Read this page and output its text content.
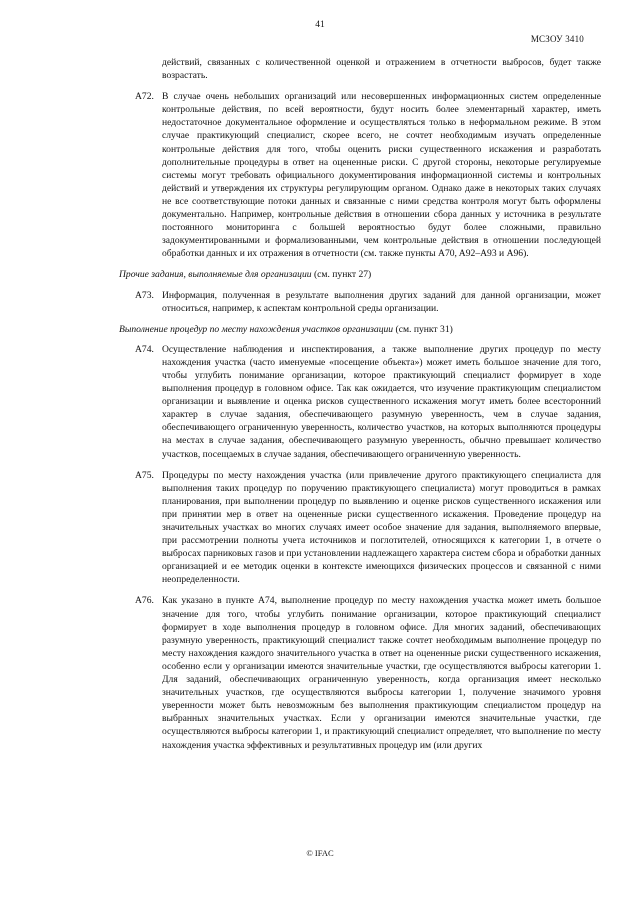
41
МСЗОУ 3410

действий, связанных с количественной оценкой и отражением в отчетности выбросов, будет также возрастать.

A72. В случае очень небольших организаций или несовершенных информационных систем определенные контрольные действия, по всей вероятности, будут носить более элементарный характер, иметь недостаточное документальное оформление и осуществляться только в неформальном режиме. В этом случае практикующий специалист, скорее всего, не сочтет необходимым изучать определенные контрольные действия для того, чтобы оценить риски существенного искажения и разработать дополнительные процедуры в ответ на оцененные риски. С другой стороны, некоторые регулируемые системы могут требовать официального документирования информационной системы и контрольных действий и утверждения их структуры регулирующим органом. Однако даже в некоторых таких случаях не все соответствующие потоки данных и связанные с ними средства контроля могут быть оформлены документально. Например, контрольные действия в отношении сбора данных у источника в результате постоянного мониторинга с большей вероятностью будут более сложными, правильно задокументированными и формализованными, чем контрольные действия в отношении последующей обработки данных и их отражения в отчетности (см. также пункты A70, A92–A93 и A96).

Прочие задания, выполняемые для организации (см. пункт 27)
A73. Информация, полученная в результате выполнения других заданий для данной организации, может относиться, например, к аспектам контрольной среды организации.

Выполнение процедур по месту нахождения участков организации (см. пункт 31)
A74. Осуществление наблюдения и инспектирования, а также выполнение других процедур по месту нахождения участка (часто именуемые «посещение объекта») может иметь большое значение для того, чтобы углубить понимание организации, которое практикующий специалист формирует в ходе выполнения процедур в головном офисе. Так как ожидается, что изучение практикующим специалистом организации и выявление и оценка рисков существенного искажения могут иметь более всесторонний характер в случае задания, обеспечивающего разумную уверенность, чем в случае задания, обеспечивающего ограниченную уверенность, количество участков, на которых выполняются процедуры на местах в случае задания, обеспечивающего разумную уверенность, обычно превышает количество участков, посещаемых в случае задания, обеспечивающего ограниченную уверенность.

A75. Процедуры по месту нахождения участка (или привлечение другого практикующего специалиста для выполнения таких процедур по поручению практикующего специалиста) могут проводиться в рамках планирования, при выполнении процедур по выявлению и оценке рисков существенного искажения или при принятии мер в ответ на оцененные риски существенного искажения. Проведение процедур на значительных участках во многих случаях имеет особое значение для задания, выполняемого впервые, при рассмотрении полноты учета источников и поглотителей, относящихся к категории 1, в отчете о выбросах парниковых газов и при установлении надлежащего характера систем сбора и обработки данных организацией и ее методик оценки в контексте имеющихся физических процессов и связанной с ними неопределенности.

A76. Как указано в пункте A74, выполнение процедур по месту нахождения участка может иметь большое значение для того, чтобы углубить понимание организации, которое практикующий специалист формирует в ходе выполнения процедур в головном офисе. Для многих заданий, обеспечивающих разумную уверенность, практикующий специалист также сочтет необходимым выполнение процедур по месту нахождения каждого значительного участка в ответ на оцененные риски существенного искажения, особенно если у организации имеются значительные участки, где осуществляются выбросы категории 1. Для заданий, обеспечивающих ограниченную уверенность, когда организация имеет несколько значительных участков, где осуществляются выбросы категории 1, получение значимого уровня уверенности может быть невозможным без выполнения практикующим специалистом процедур на выбранных значительных участках. Если у организации имеются значительные участки, где осуществляются выбросы категории 1, и практикующий специалист определяет, что выполнение по месту нахождения участка эффективных и результативных процедур им (или других

© IFAC
